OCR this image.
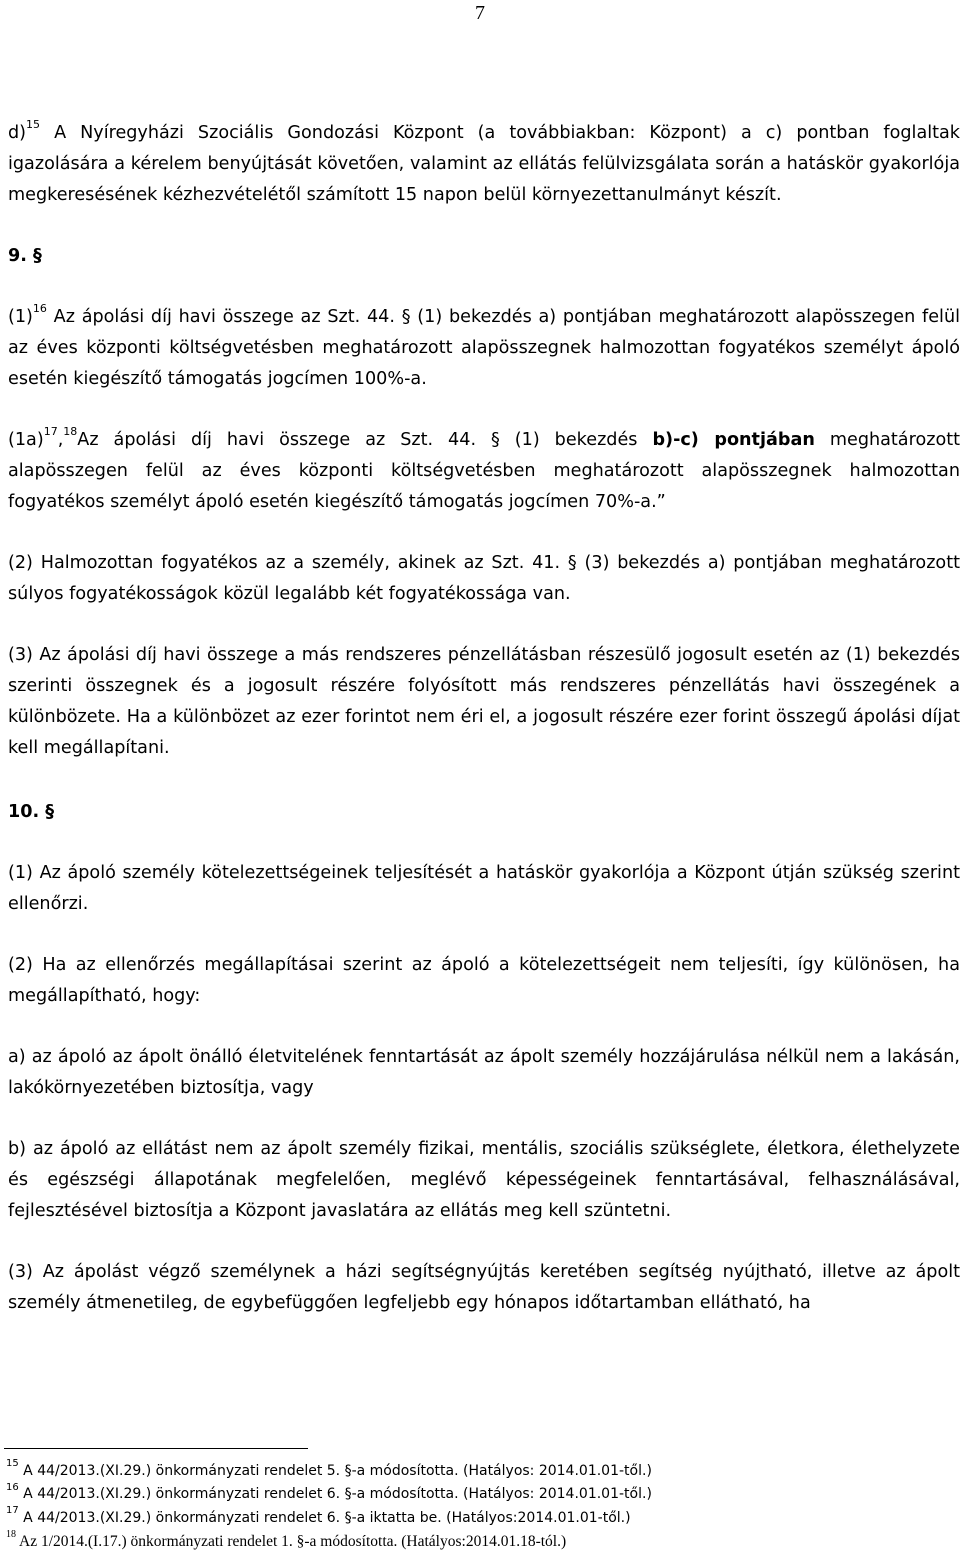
7

d)$^{15}$ A Nyíregyházi Szociális Gondozási Központ (a továbbiakban: Központ) a c) pontban foglaltak igazolására a kérelem benyújtását követően, valamint az ellátás felülvizsgálata során a hatáskör gyakorlója megkeresésének kézhezvételétől számított 15 napon belül környezettanulmányt készít.

9. §

$(1)^{16}$ Az ápolási díj havi összege az Szt. 44. § (1) bekezdés a) pontjában meghatározott alapösszegen felül az éves központi költségvetésben meghatározott alapösszegnek halmozottan fogyatékos személyt ápoló esetén kiegészítő támogatás jogcímen 100%-a.

$(1a)^{17},^{18}Az$ ápolási díj havi összege az Szt. 44. § (1) bekezdés b)-c) pontjában meghatározott alapösszegen felül az éves központi költségvetésben meghatározott alapösszegnek halmozottan fogyatékos személyt ápoló esetén kiegészítő támogatás jogcímen 70%-a.”

(2) Halmozottan fogyatékos az a személy, akinek az Szt. 41. § (3) bekezdés a) pontjában meghatározott súlyos fogyatékosságok közül legalább két fogyatékossága van.

(3) Az ápolási díj havi összege a más rendszeres pénzellátásban részesülő jogosult esetén az (1) bekezdés szerinti összegnek és a jogosult részére folyósított más rendszeres pénzellátás havi összegének a különbözete. Ha a különbözet az ezer forintot nem éri el, a jogosult részére ezer forint összegű ápolási díjat kell megállapítani.

10. §

(1) Az ápoló személy kötelezettségeinek teljesítését a hatáskör gyakorlója a Központ útján szükség szerint ellenőrzi.

(2) Ha az ellenőrzés megállapításai szerint az ápoló a kötelezettségeit nem teljesíti, így különösen, ha megállapítható, hogy:

a) az ápoló az ápolt önálló életvitelének fenntartását az ápolt személy hozzájárulása nélkül nem a lakásán, lakókörnyezetében biztosítja, vagy

b) az ápoló az ellátást nem az ápolt személy fizikai, mentális, szociális szükséglete, életkora, élethelyzete és egészségi állapotának megfelelően, meglévő képességeinek fenntartásával, felhasználásával, fejlesztésével biztosítja a Központ javaslatára az ellátás meg kell szüntetni.

(3) Az ápolást végző személynek a házi segítségnyújtás keretében segítség nyújtható, illetve az ápolt személy átmenetileg, de egybefüggően legfeljebb egy hónapos időtartamban ellátható, ha

$^{15}$ A 44/2013.(XI.29.) önkormányzati rendelet 5. §-a módosította. (Hatályos: 2014.01.01-től.)
$^{16}$ A 44/2013.(XI.29.) önkormányzati rendelet 6. §-a módosította. (Hatályos: 2014.01.01-től.)
$^{17}$ A 44/2013.(XI.29.) önkormányzati rendelet 6. §-a iktatta be. (Hatályos:2014.01.01-től.)
$^{18}$ Az 1/2014.(I.17.) önkormányzati rendelet 1. §-a módosította. (Hatályos:2014.01.18-tól.)
